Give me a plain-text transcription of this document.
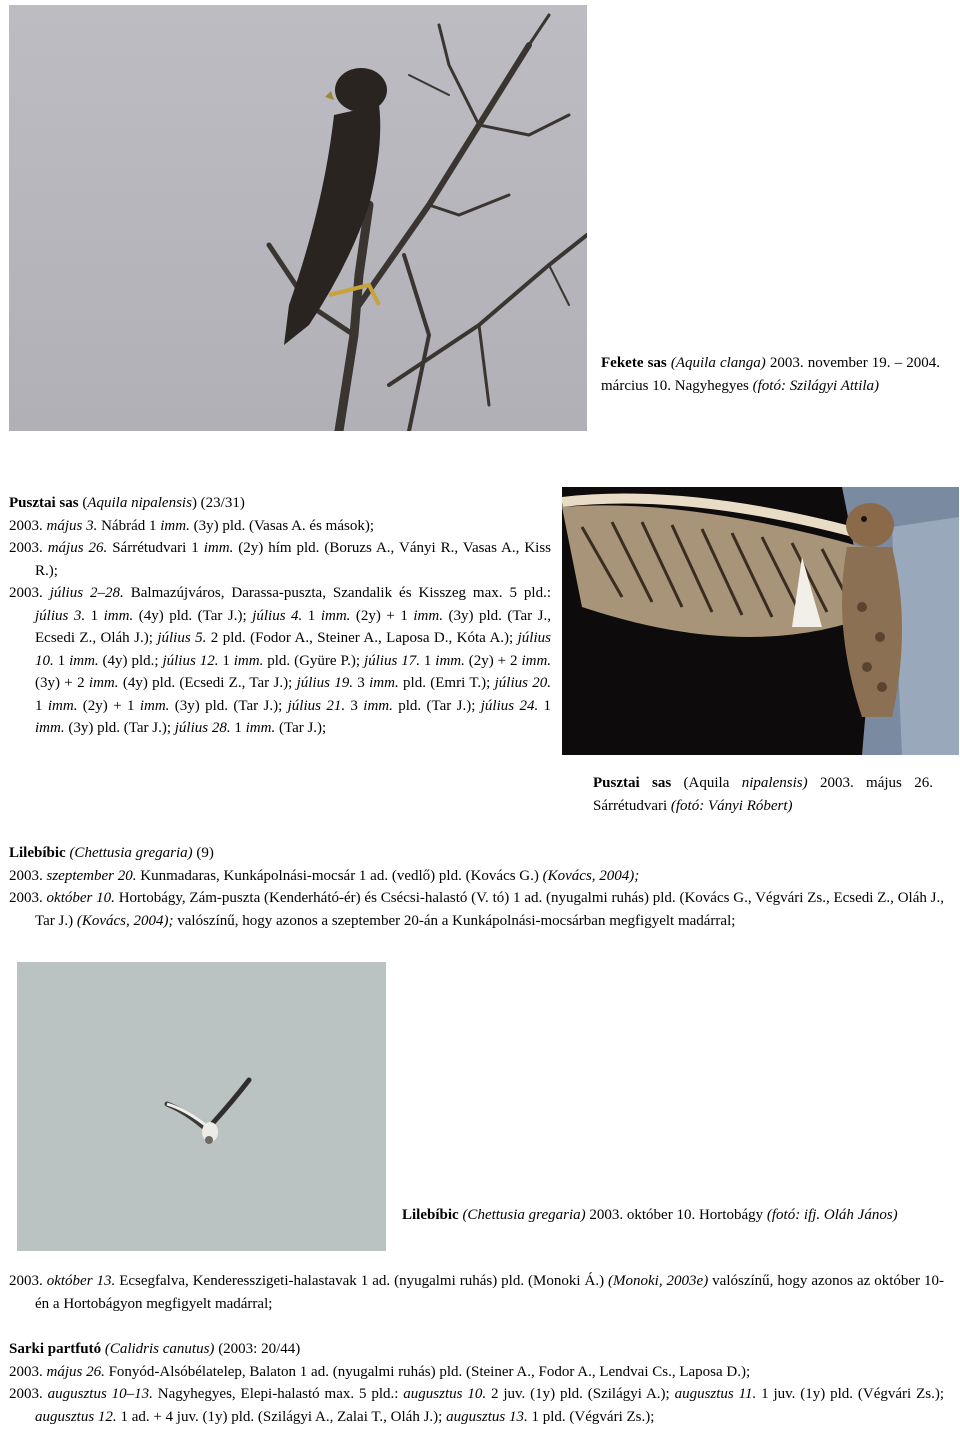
Fekete sas (Aquila clanga) 2003. november 19. – 2004. március 10. Nagyhegyes (fotó: Szilágyi Attila)

Pusztai sas (Aquila nipalensis) (23/31)

2003. május 3. Nábrád 1 imm. (3y) pld. (Vasas A. és mások);

2003. május 26. Sárrétudvari 1 imm. (2y) hím pld. (Boruzs A., Ványi R., Vasas A., Kiss R.);

2003. július 2–28. Balmazújváros, Darassa-puszta, Szandalik és Kisszeg max. 5 pld.: július 3. 1 imm. (4y) pld. (Tar J.); július 4. 1 imm. (2y) + 1 imm. (3y) pld. (Tar J., Ecsedi Z., Oláh J.); július 5. 2 pld. (Fodor A., Steiner A., Laposa D., Kóta A.); július 10. 1 imm. (4y) pld.; július 12. 1 imm. pld. (Gyüre P.); július 17. 1 imm. (2y) + 2 imm. (3y) + 2 imm. (4y) pld. (Ecsedi Z., Tar J.); július 19. 3 imm. pld. (Emri T.); július 20. 1 imm. (2y) + 1 imm. (3y) pld. (Tar J.); július 21. 3 imm. pld. (Tar J.); július 24. 1 imm. (3y) pld. (Tar J.); július 28. 1 imm. (Tar J.);

Pusztai sas (Aquila nipalensis) 2003. május 26. Sárrétudvari (fotó: Ványi Róbert)

Lilebíbic (Chettusia gregaria) (9)

2003. szeptember 20. Kunmadaras, Kunkápolnási-mocsár 1 ad. (vedlő) pld. (Kovács G.) (Kovács, 2004);

2003. október 10. Hortobágy, Zám-puszta (Kenderhátó-ér) és Csécsi-halastó (V. tó) 1 ad. (nyugalmi ruhás) pld. (Kovács G., Végvári Zs., Ecsedi Z., Oláh J., Tar J.) (Kovács, 2004); valószínű, hogy azonos a szeptember 20-án a Kunkápolnási-mocsárban megfigyelt madárral;

Lilebíbic (Chettusia gregaria) 2003. október 10. Hortobágy (fotó: ifj. Oláh János)

2003. október 13. Ecsegfalva, Kenderesszigeti-halastavak 1 ad. (nyugalmi ruhás) pld. (Monoki Á.) (Monoki, 2003e) valószínű, hogy azonos az október 10-én a Hortobágyon megfigyelt madárral;

Sarki partfutó (Calidris canutus) (2003: 20/44)

2003. május 26. Fonyód-Alsóbélatelep, Balaton 1 ad. (nyugalmi ruhás) pld. (Steiner A., Fodor A., Lendvai Cs., Laposa D.);

2003. augusztus 10–13. Nagyhegyes, Elepi-halastó max. 5 pld.: augusztus 10. 2 juv. (1y) pld. (Szilágyi A.); augusztus 11. 1 juv. (1y) pld. (Végvári Zs.); augusztus 12. 1 ad. + 4 juv. (1y) pld. (Szilágyi A., Zalai T., Oláh J.); augusztus 13. 1 pld. (Végvári Zs.);
